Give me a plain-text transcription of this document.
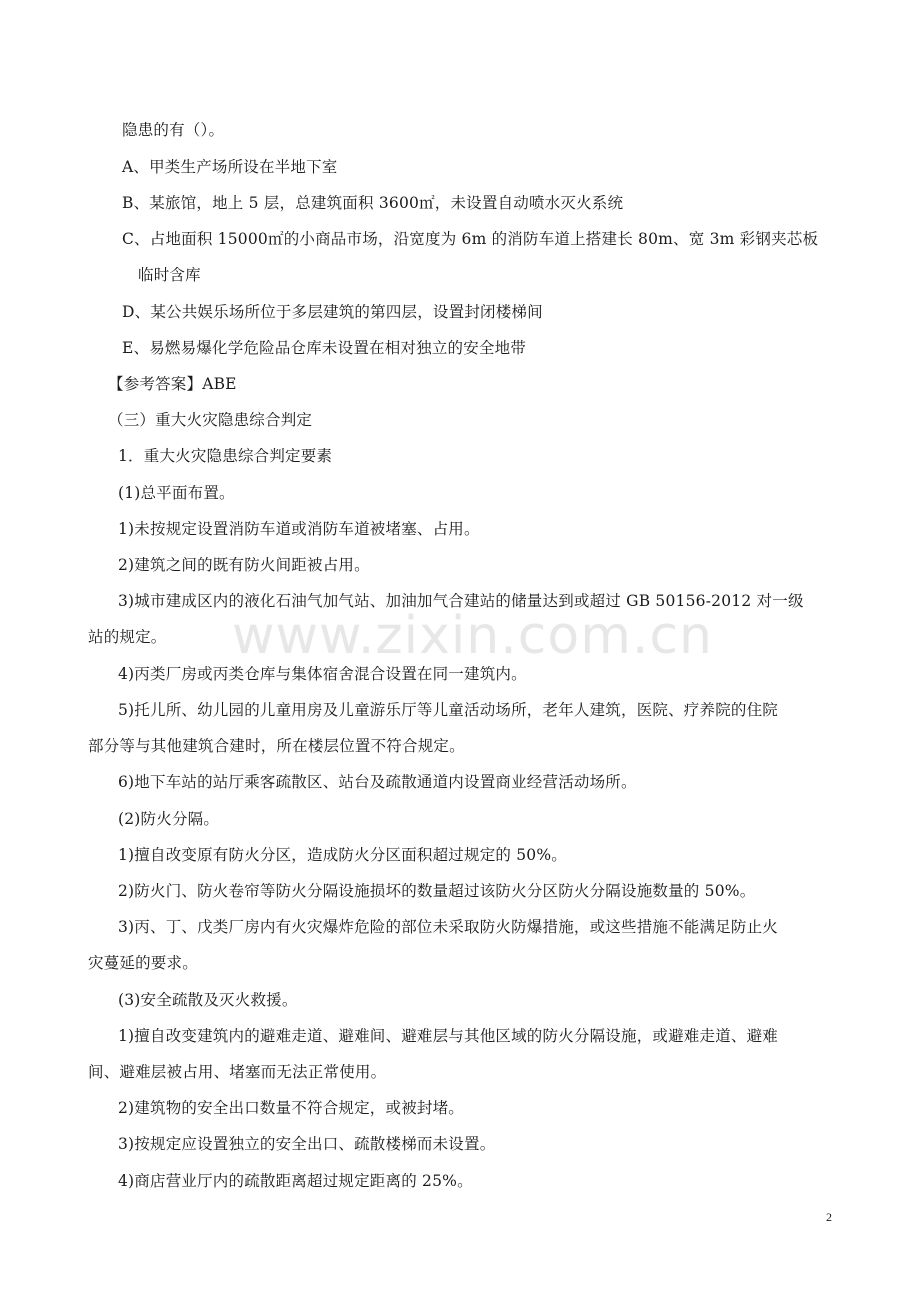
www.zixin.com.cn
隐患的有（）。
A、甲类生产场所设在半地下室
B、某旅馆，地上 5 层，总建筑面积 3600㎡，未设置自动喷水灭火系统
C、占地面积 15000㎡的小商品市场，沿宽度为 6m 的消防车道上搭建长 80m、宽 3m 彩钢夹芯板
临时含库
D、某公共娱乐场所位于多层建筑的第四层，设置封闭楼梯间
E、易燃易爆化学危险品仓库未设置在相对独立的安全地带
【参考答案】ABE
（三）重大火灾隐患综合判定
1．重大火灾隐患综合判定要素
(1)总平面布置。
1)未按规定设置消防车道或消防车道被堵塞、占用。
2)建筑之间的既有防火间距被占用。
3)城市建成区内的液化石油气加气站、加油加气合建站的储量达到或超过 GB 50156-2012 对一级
站的规定。
4)丙类厂房或丙类仓库与集体宿舍混合设置在同一建筑内。
5)托儿所、幼儿园的儿童用房及儿童游乐厅等儿童活动场所，老年人建筑，医院、疗养院的住院
部分等与其他建筑合建时，所在楼层位置不符合规定。
6)地下车站的站厅乘客疏散区、站台及疏散通道内设置商业经营活动场所。
(2)防火分隔。
1)擅自改变原有防火分区，造成防火分区面积超过规定的 50%。
2)防火门、防火卷帘等防火分隔设施损坏的数量超过该防火分区防火分隔设施数量的 50%。
3)丙、丁、戊类厂房内有火灾爆炸危险的部位未采取防火防爆措施，或这些措施不能满足防止火
灾蔓延的要求。
(3)安全疏散及灭火救援。
1)擅自改变建筑内的避难走道、避难间、避难层与其他区域的防火分隔设施，或避难走道、避难
间、避难层被占用、堵塞而无法正常使用。
2)建筑物的安全出口数量不符合规定，或被封堵。
3)按规定应设置独立的安全出口、疏散楼梯而未设置。
4)商店营业厅内的疏散距离超过规定距离的 25%。
2
